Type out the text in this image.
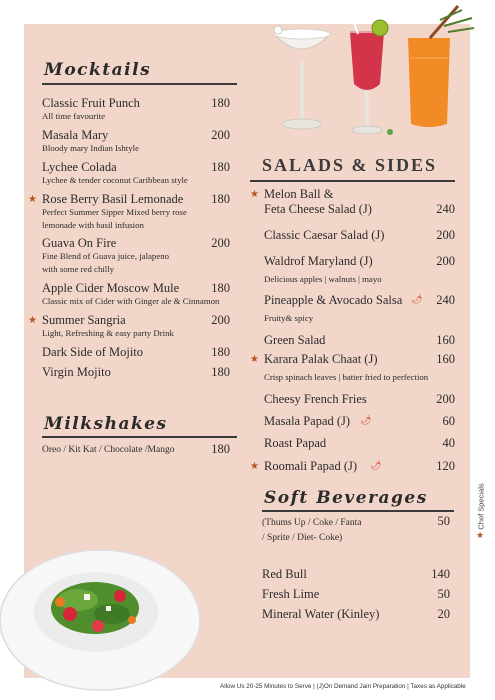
Mocktails
Classic Fruit Punch	180
All time favourite
Masala Mary	200
Bloody mary Indian Ishtyle
Lychee Colada	180
Lychee & tender coconut Caribbean style
★ Rose Berry Basil Lemonade	180
Perfect Summer Sipper Mixed berry rose
lemonade with basil infusion
Guava On Fire	200
Fine Blend of Guava juice, jalapeno
with some red chilly
Apple Cider Moscow Mule	180
Classic mix of Cider with Ginger ale & Cinnamon
★ Summer Sangria	200
Light, Refreshing & easy party Drink
Dark Side of Mojito	180
Virgin Mojito	180
Milkshakes
Oreo / Kit Kat / Chocolate /Mango	180
SALADS & SIDES
★ Melon Ball &
Feta Cheese Salad (J)	240
Classic Caesar Salad (J)	200
Waldrof Maryland (J)	200
Delicious apples | walnuts | mayo
Pineapple & Avocado Salsa 🌶	240
Fruity& spicy
Green Salad	160
★ Karara Palak Chaat (J)	160
Crisp spinach leaves | batter fried to perfection
Cheesy French Fries	200
Masala Papad (J) 🌶	60
Roast Papad	40
★ Roomali Papad (J) 🌶	120
Soft Beverages
(Thums Up / Coke / Fanta
/ Sprite / Diet- Coke)
50
Red Bull	140
Fresh Lime	50
Mineral Water (Kinley)	20
Chef Specials
★
Allow Us 20-25 Minutes to Serve | (J)On Demand Jain Preparation | Taxes as Applicable
